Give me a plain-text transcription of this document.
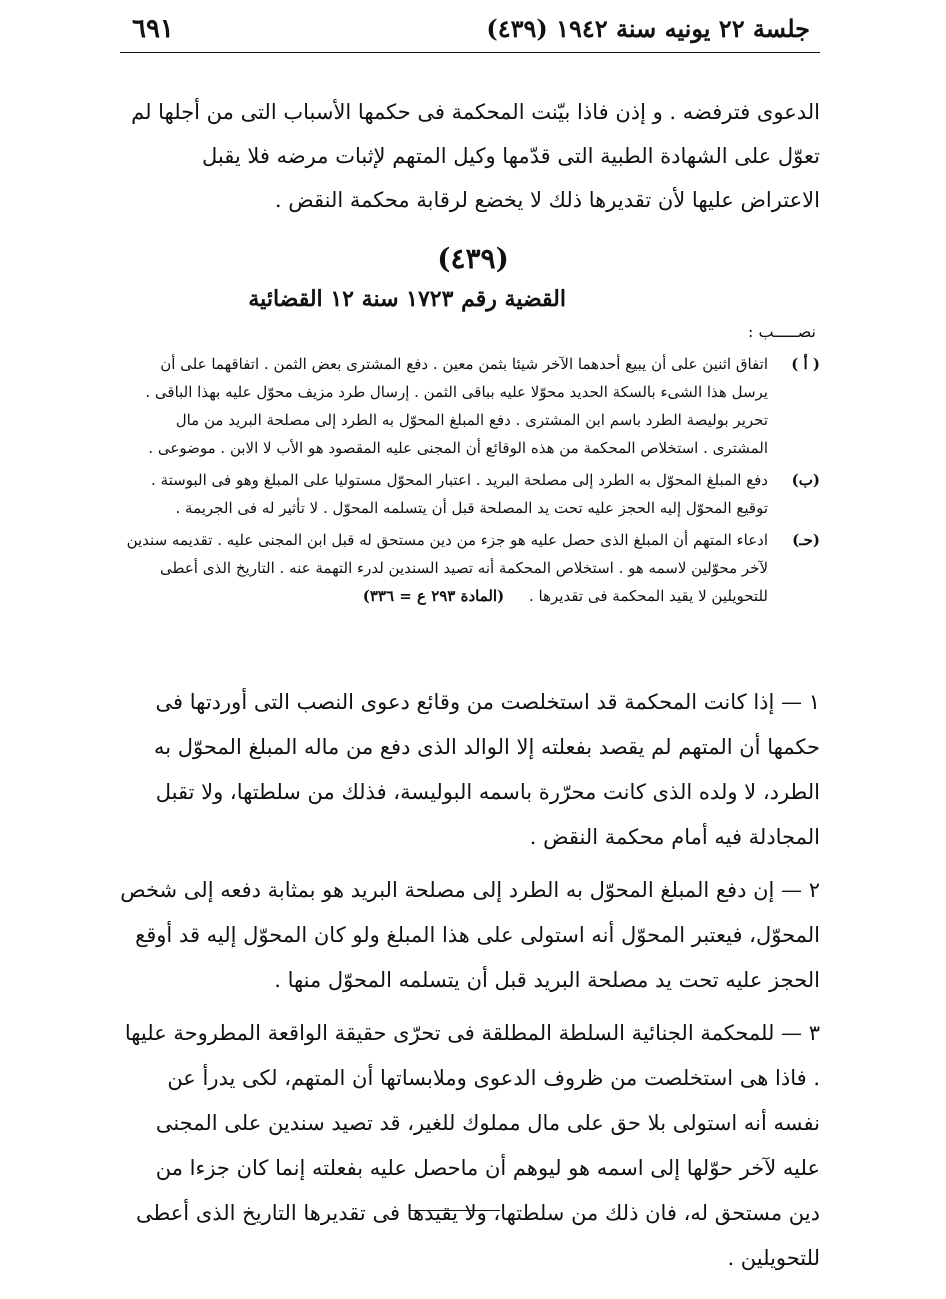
٦٩١	جلسة ٢٢ يونيه سنة ١٩٤٢ (٤٣٩)

الدعوى فترفضه . و إذن فاذا بيّنت المحكمة فى حكمها الأسباب التى من أجلها لم تعوّل على الشهادة الطبية التى قدّمها وكيل المتهم لإثبات مرضه فلا يقبل الاعتراض عليها لأن تقديرها ذلك لا يخضع لرقابة محكمة النقض .

(٤٣٩)
القضية رقم ١٧٢٣ سنة ١٢ القضائية
نصـــــب :
( أ )

اتفاق اثنين على أن يبيع أحدهما الآخر شيئا بثمن معين . دفع المشترى بعض الثمن . اتفاقهما على أن يرسل هذا الشىء بالسكة الحديد محوّلا عليه بباقى الثمن . إرسال طرد مزيف محوّل عليه بهذا الباقى . تحرير بوليصة الطرد باسم ابن المشترى . دفع المبلغ المحوّل به الطرد إلى مصلحة البريد من مال المشترى . استخلاص المحكمة من هذه الوقائع أن المجنى عليه المقصود هو الأب لا الابن . موضوعى .

(ب)

دفع المبلغ المحوّل به الطرد إلى مصلحة البريد . اعتبار المحوّل مستوليا على المبلغ وهو فى البوستة . توقيع المحوّل إليه الحجز عليه تحت يد المصلحة قبل أن يتسلمه المحوّل . لا تأثير له فى الجريمة .

(حـ)

ادعاء المتهم أن المبلغ الذى حصل عليه هو جزء من دين مستحق له قبل ابن المجنى عليه . تقديمه سندين لآخر محوّلين لاسمه هو . استخلاص المحكمة أنه تصيد السندين لدرء التهمة عنه . التاريخ الذى أعطى للتحويلين لا يقيد المحكمة فى تقديرها . (المادة ٢٩٣ ع = ٣٣٦)

١ — إذا كانت المحكمة قد استخلصت من وقائع دعوى النصب التى أوردتها فى حكمها أن المتهم لم يقصد بفعلته إلا الوالد الذى دفع من ماله المبلغ المحوّل به الطرد، لا ولده الذى كانت محرّرة باسمه البوليسة، فذلك من سلطتها، ولا تقبل المجادلة فيه أمام محكمة النقض .

٢ — إن دفع المبلغ المحوّل به الطرد إلى مصلحة البريد هو بمثابة دفعه إلى شخص المحوّل، فيعتبر المحوّل أنه استولى على هذا المبلغ ولو كان المحوّل إليه قد أوقع الحجز عليه تحت يد مصلحة البريد قبل أن يتسلمه المحوّل منها .

٣ — للمحكمة الجنائية السلطة المطلقة فى تحرّى حقيقة الواقعة المطروحة عليها . فاذا هى استخلصت من ظروف الدعوى وملابساتها أن المتهم، لكى يدرأ عن نفسه أنه استولى بلا حق على مال مملوك للغير، قد تصيد سندين على المجنى عليه لآخر حوّلها إلى اسمه هو ليوهم أن ماحصل عليه بفعلته إنما كان جزءا من دين مستحق له، فان ذلك من سلطتها، ولا يقيدها فى تقديرها التاريخ الذى أعطى للتحويلين .
